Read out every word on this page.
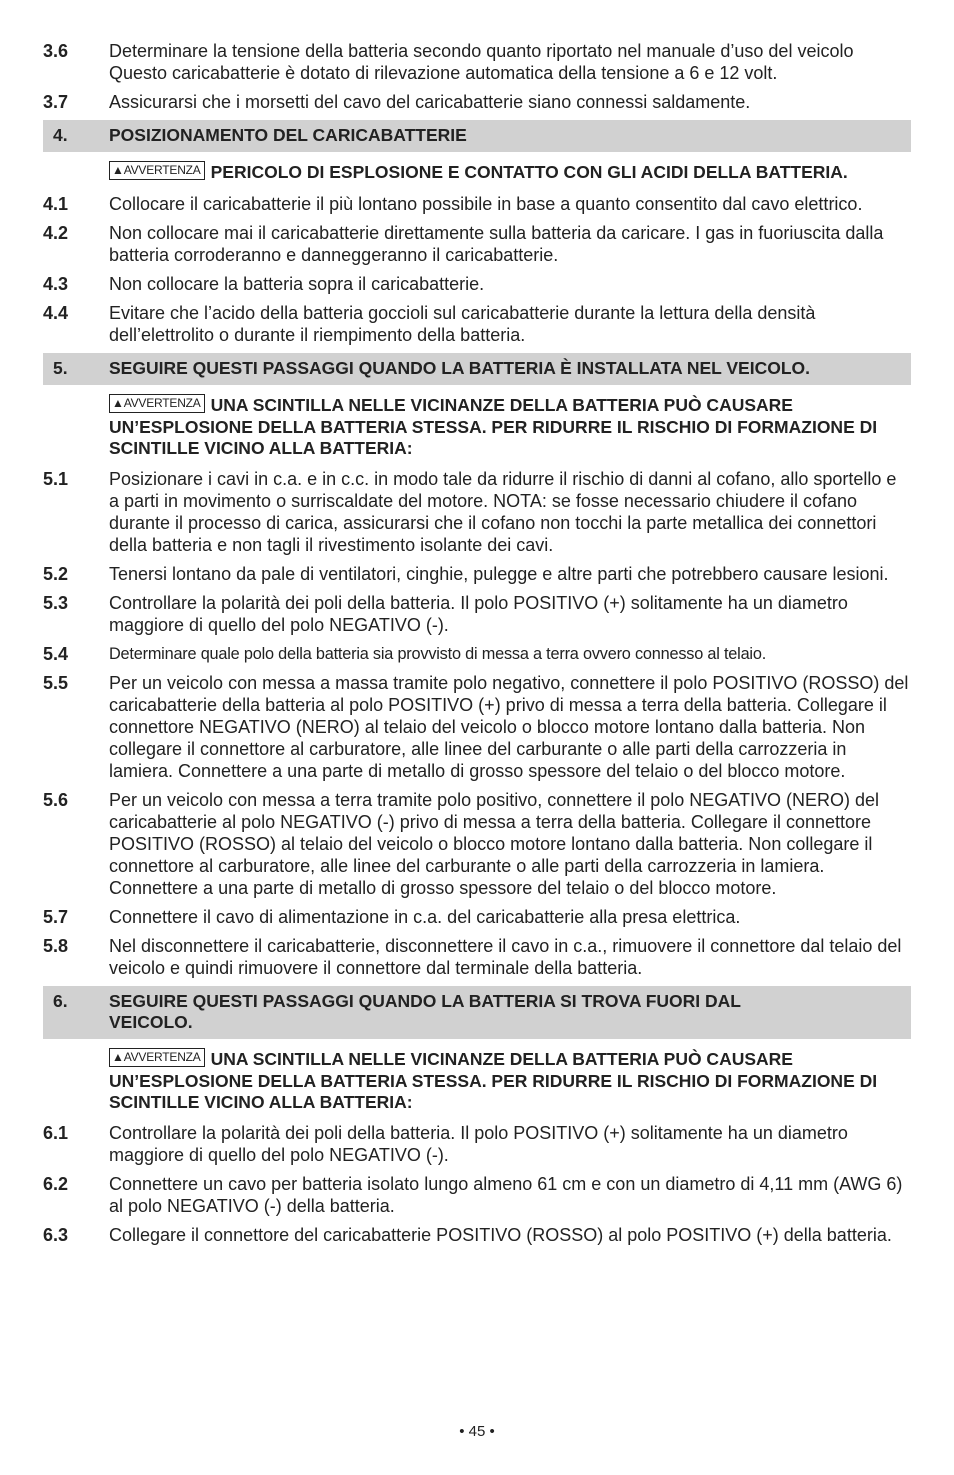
3.6	Determinare la tensione della batteria secondo quanto riportato nel manuale d’uso del veicolo Questo caricabatterie è dotato di rilevazione automatica della tensione a 6 e 12 volt.
3.7	Assicurarsi che i morsetti del cavo del caricabatterie siano connessi saldamente.
4.	POSIZIONAMENTO DEL CARICABATTERIE
▲AVVERTENZA PERICOLO DI ESPLOSIONE E CONTATTO CON GLI ACIDI DELLA BATTERIA.
4.1	Collocare il caricabatterie il più lontano possibile in base a quanto consentito dal cavo elettrico.
4.2	Non collocare mai il caricabatterie direttamente sulla batteria da caricare. I gas in fuoriuscita dalla batteria corroderanno e danneggeranno il caricabatterie.
4.3	Non collocare la batteria sopra il caricabatterie.
4.4	Evitare che l’acido della batteria goccioli sul caricabatterie durante la lettura della densità dell’elettrolito o durante il riempimento della batteria.
5.	SEGUIRE QUESTI PASSAGGI QUANDO LA BATTERIA È INSTALLATA NEL VEICOLO.
▲AVVERTENZA UNA SCINTILLA NELLE VICINANZE DELLA BATTERIA PUÒ CAUSARE UN’ESPLOSIONE DELLA BATTERIA STESSA. PER RIDURRE IL RISCHIO DI FORMAZIONE DI SCINTILLE VICINO ALLA BATTERIA:
5.1	Posizionare i cavi in c.a. e in c.c. in modo tale da ridurre il rischio di danni al cofano, allo sportello e a parti in movimento o surriscaldate del motore. NOTA: se fosse necessario chiudere il cofano durante il processo di carica, assicurarsi che il cofano non tocchi la parte metallica dei connettori della batteria e non tagli il rivestimento isolante dei cavi.
5.2	Tenersi lontano da pale di ventilatori, cinghie, pulegge e altre parti che potrebbero causare lesioni.
5.3	Controllare la polarità dei poli della batteria. Il polo POSITIVO (+) solitamente ha un diametro maggiore di quello del polo NEGATIVO (-).
5.4	Determinare quale polo della batteria sia provvisto di messa a terra ovvero connesso al telaio.
5.5	Per un veicolo con messa a massa tramite polo negativo, connettere il polo POSITIVO (ROSSO) del caricabatterie della batteria al polo POSITIVO (+) privo di messa a terra della batteria. Collegare il connettore NEGATIVO (NERO) al telaio del veicolo o blocco motore lontano dalla batteria. Non collegare il connettore al carburatore, alle linee del carburante o alle parti della carrozzeria in lamiera. Connettere a una parte di metallo di grosso spessore del telaio o del blocco motore.
5.6	Per un veicolo con messa a terra tramite polo positivo, connettere il polo NEGATIVO (NERO) del caricabatterie al polo NEGATIVO (-) privo di messa a terra della batteria. Collegare il connettore POSITIVO (ROSSO) al telaio del veicolo o blocco motore lontano dalla batteria. Non collegare il connettore al carburatore, alle linee del carburante o alle parti della carrozzeria in lamiera. Connettere a una parte di metallo di grosso spessore del telaio o del blocco motore.
5.7	Connettere il cavo di alimentazione in c.a. del caricabatterie alla presa elettrica.
5.8	Nel disconnettere il caricabatterie, disconnettere il cavo in c.a., rimuovere il connettore dal telaio del veicolo e quindi rimuovere il connettore dal terminale della batteria.
6.	SEGUIRE QUESTI PASSAGGI QUANDO LA BATTERIA SI TROVA FUORI DAL VEICOLO.
▲AVVERTENZA UNA SCINTILLA NELLE VICINANZE DELLA BATTERIA PUÒ CAUSARE UN’ESPLOSIONE DELLA BATTERIA STESSA. PER RIDURRE IL RISCHIO DI FORMAZIONE DI SCINTILLE VICINO ALLA BATTERIA:
6.1	Controllare la polarità dei poli della batteria. Il polo POSITIVO (+) solitamente ha un diametro maggiore di quello del polo NEGATIVO (-).
6.2	Connettere un cavo per batteria isolato lungo almeno 61 cm e con un diametro di 4,11 mm (AWG 6) al polo NEGATIVO (-) della batteria.
6.3	Collegare il connettore del caricabatterie POSITIVO (ROSSO) al polo POSITIVO (+) della batteria.
• 45 •
